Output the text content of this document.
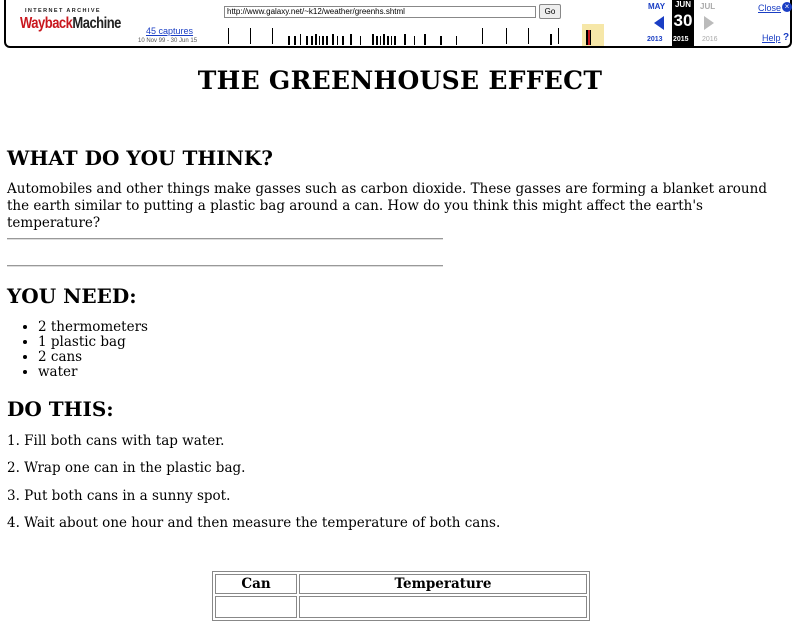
INTERNET ARCHIVE
WaybackMachine	45 captures
10 Nov 99 - 30 Jun 15
http://www.galaxy.net/~k12/weather/greenhs.shtml	Go
MAY	JUN	JUL
30
2013 2015 2016
Close ×
Help ?
THE GREENHOUSE EFFECT
WHAT DO YOU THINK?

Automobiles and other things make gasses such as carbon dioxide. These gasses are forming a blanket around the earth similar to putting a plastic bag around a can. How do you think this might affect the earth's temperature?

YOU NEED:
• 2 thermometers
• 1 plastic bag
• 2 cans
• water
DO THIS:

1. Fill both cans with tap water.

2. Wrap one can in the plastic bag.

3. Put both cans in a sunny spot.

4. Wait about one hour and then measure the temperature of both cans.

Can	Temperature
